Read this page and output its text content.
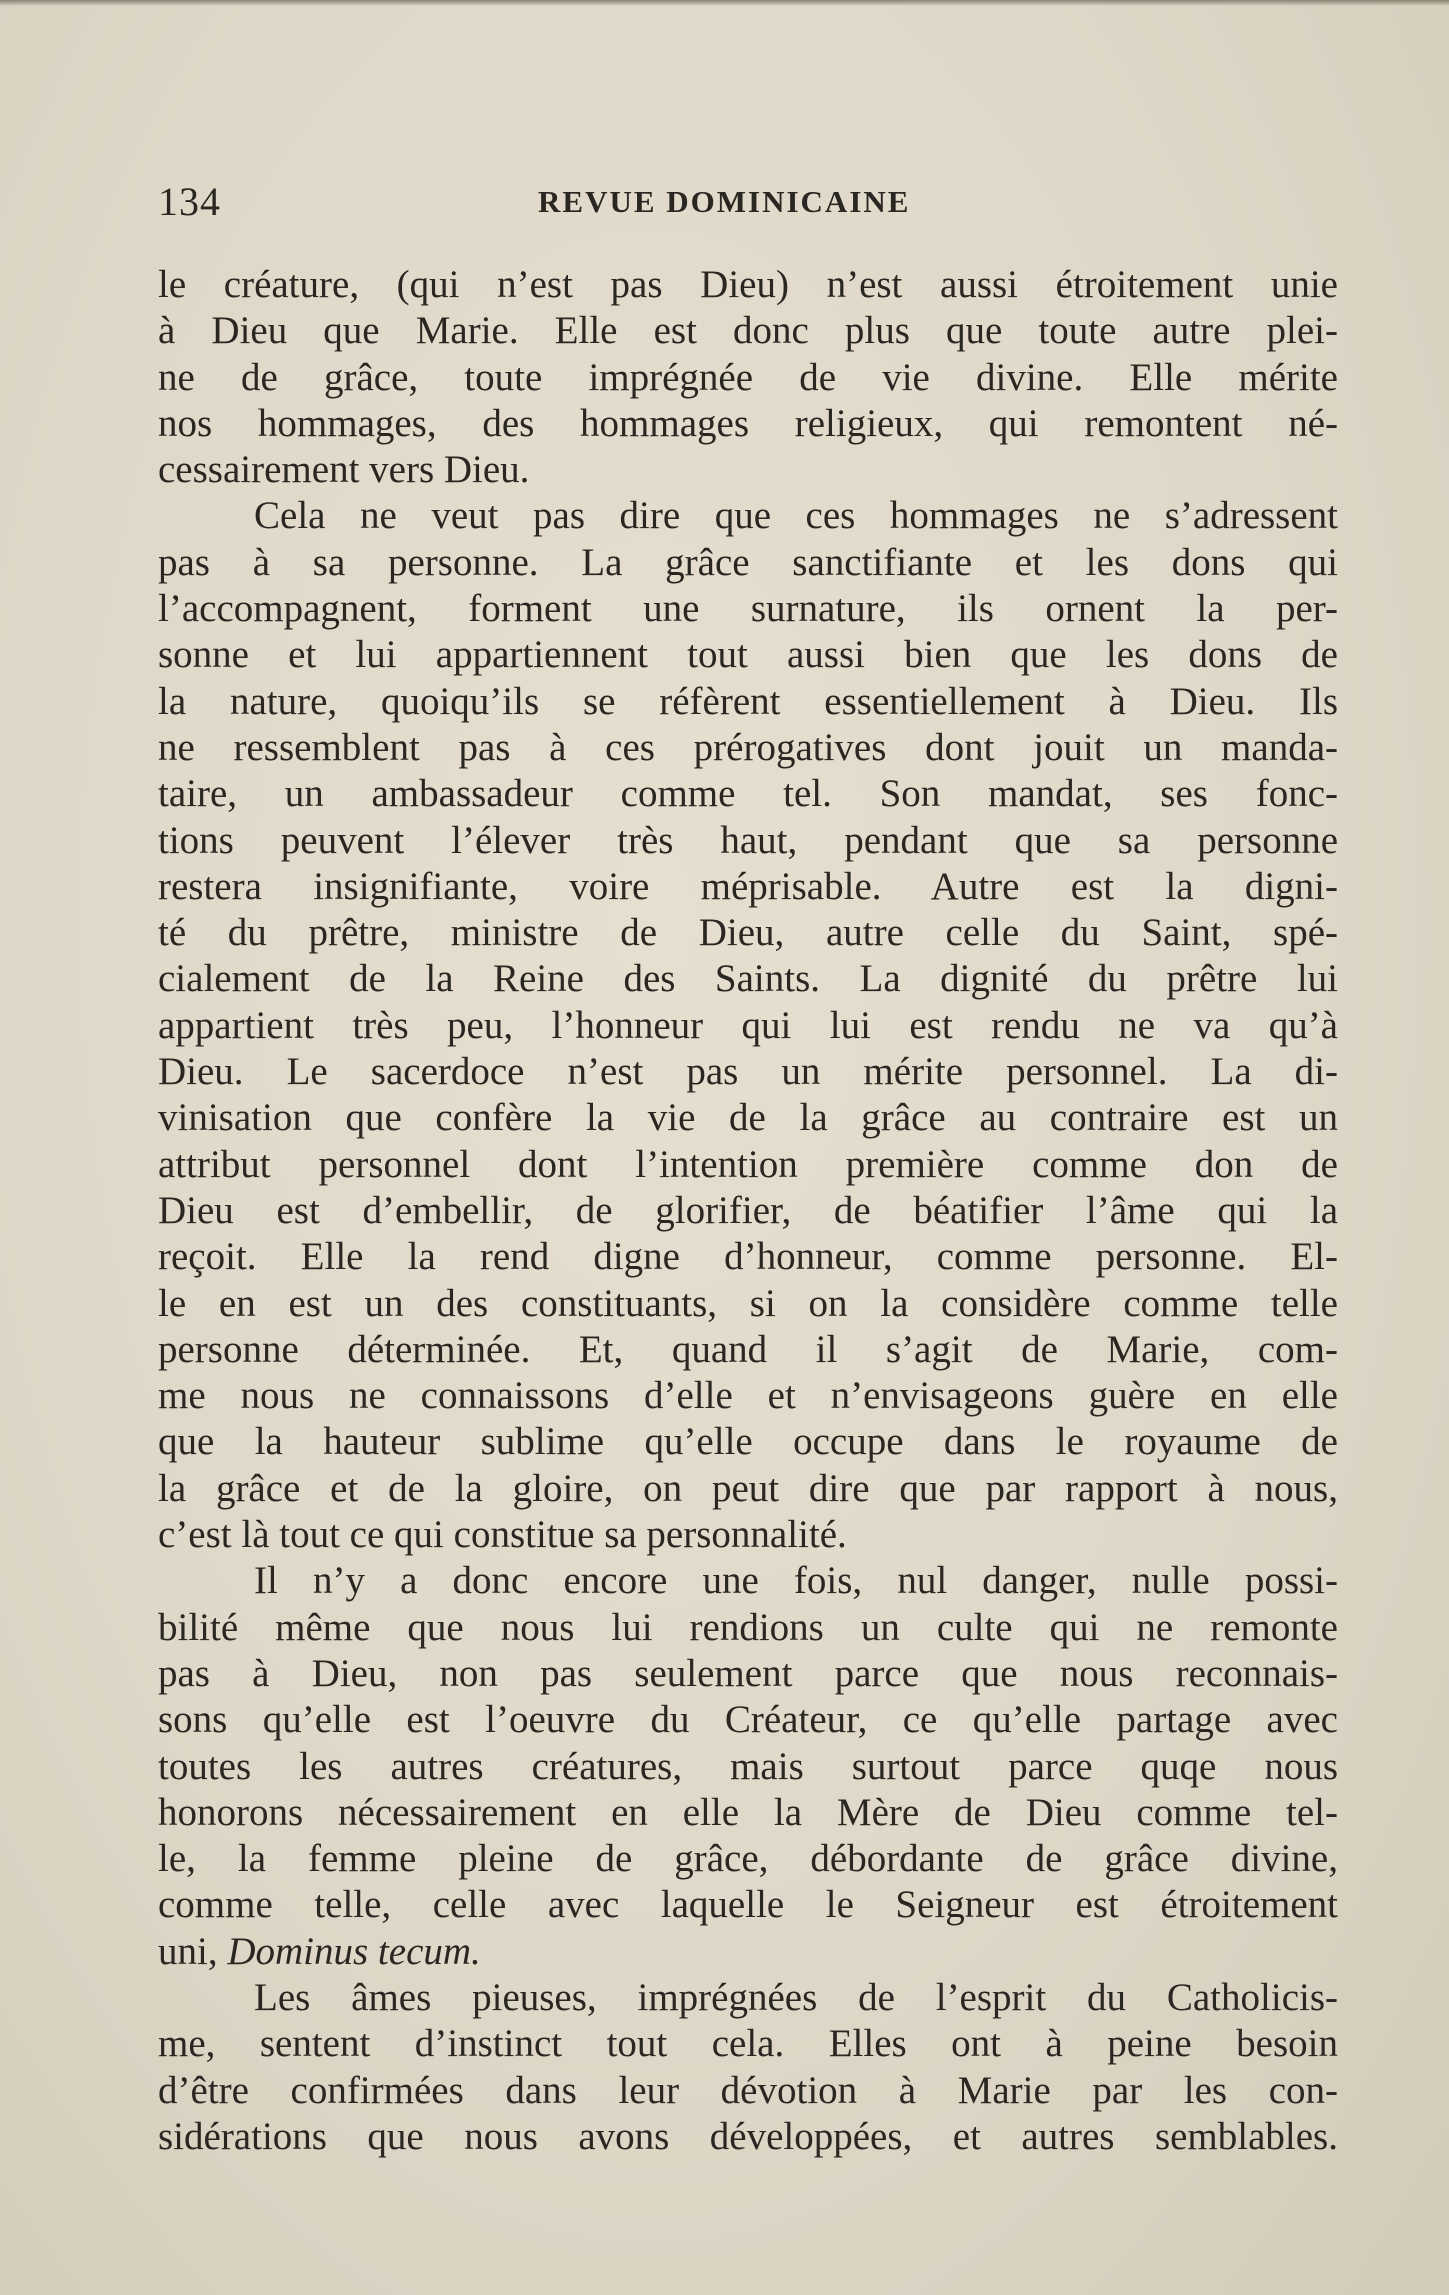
134	REVUE DOMINICAINE
le créature, (qui n’est pas Dieu) n’est aussi étroitement unie
à Dieu que Marie. Elle est donc plus que toute autre plei-
ne de grâce, toute imprégnée de vie divine. Elle mérite
nos hommages, des hommages religieux, qui remontent né-
cessairement vers Dieu.
Cela ne veut pas dire que ces hommages ne s’adressent
pas à sa personne. La grâce sanctifiante et les dons qui
l’accompagnent, forment une surnature, ils ornent la per-
sonne et lui appartiennent tout aussi bien que les dons de
la nature, quoiqu’ils se réfèrent essentiellement à Dieu. Ils
ne ressemblent pas à ces prérogatives dont jouit un manda-
taire, un ambassadeur comme tel. Son mandat, ses fonc-
tions peuvent l’élever très haut, pendant que sa personne
restera insignifiante, voire méprisable. Autre est la digni-
té du prêtre, ministre de Dieu, autre celle du Saint, spé-
cialement de la Reine des Saints. La dignité du prêtre lui
appartient très peu, l’honneur qui lui est rendu ne va qu’à
Dieu. Le sacerdoce n’est pas un mérite personnel. La di-
vinisation que confère la vie de la grâce au contraire est un
attribut personnel dont l’intention première comme don de
Dieu est d’embellir, de glorifier, de béatifier l’âme qui la
reçoit. Elle la rend digne d’honneur, comme personne. El-
le en est un des constituants, si on la considère comme telle
personne déterminée. Et, quand il s’agit de Marie, com-
me nous ne connaissons d’elle et n’envisageons guère en elle
que la hauteur sublime qu’elle occupe dans le royaume de
la grâce et de la gloire, on peut dire que par rapport à nous,
c’est là tout ce qui constitue sa personnalité.
Il n’y a donc encore une fois, nul danger, nulle possi-
bilité même que nous lui rendions un culte qui ne remonte
pas à Dieu, non pas seulement parce que nous reconnais-
sons qu’elle est l’oeuvre du Créateur, ce qu’elle partage avec
toutes les autres créatures, mais surtout parce quqe nous
honorons nécessairement en elle la Mère de Dieu comme tel-
le, la femme pleine de grâce, débordante de grâce divine,
comme telle, celle avec laquelle le Seigneur est étroitement
uni, Dominus tecum.
Les âmes pieuses, imprégnées de l’esprit du Catholicis-
me, sentent d’instinct tout cela. Elles ont à peine besoin
d’être confirmées dans leur dévotion à Marie par les con-
sidérations que nous avons développées, et autres semblables.
